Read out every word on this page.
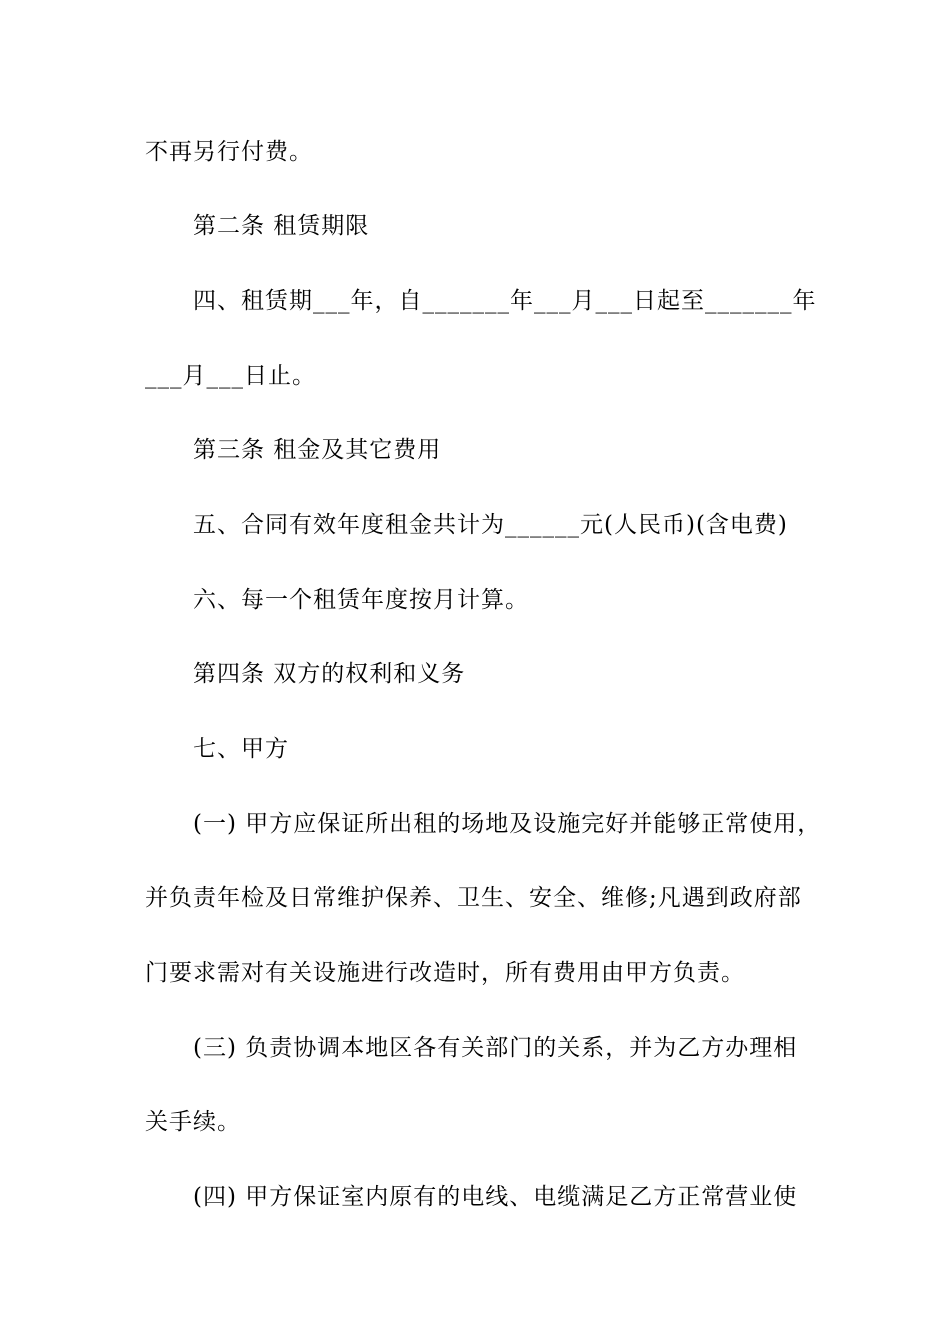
不再另行付费。
第二条 租赁期限
四、租赁期___年，自_______年___月___日起至_______年
___月___日止。
第三条 租金及其它费用
五、合同有效年度租金共计为______元(人民币)(含电费)
六、每一个租赁年度按月计算。
第四条 双方的权利和义务
七、甲方
(一) 甲方应保证所出租的场地及设施完好并能够正常使用，
并负责年检及日常维护保养、卫生、安全、维修;凡遇到政府部
门要求需对有关设施进行改造时，所有费用由甲方负责。
(三) 负责协调本地区各有关部门的关系，并为乙方办理相
关手续。
(四) 甲方保证室内原有的电线、电缆满足乙方正常营业使
